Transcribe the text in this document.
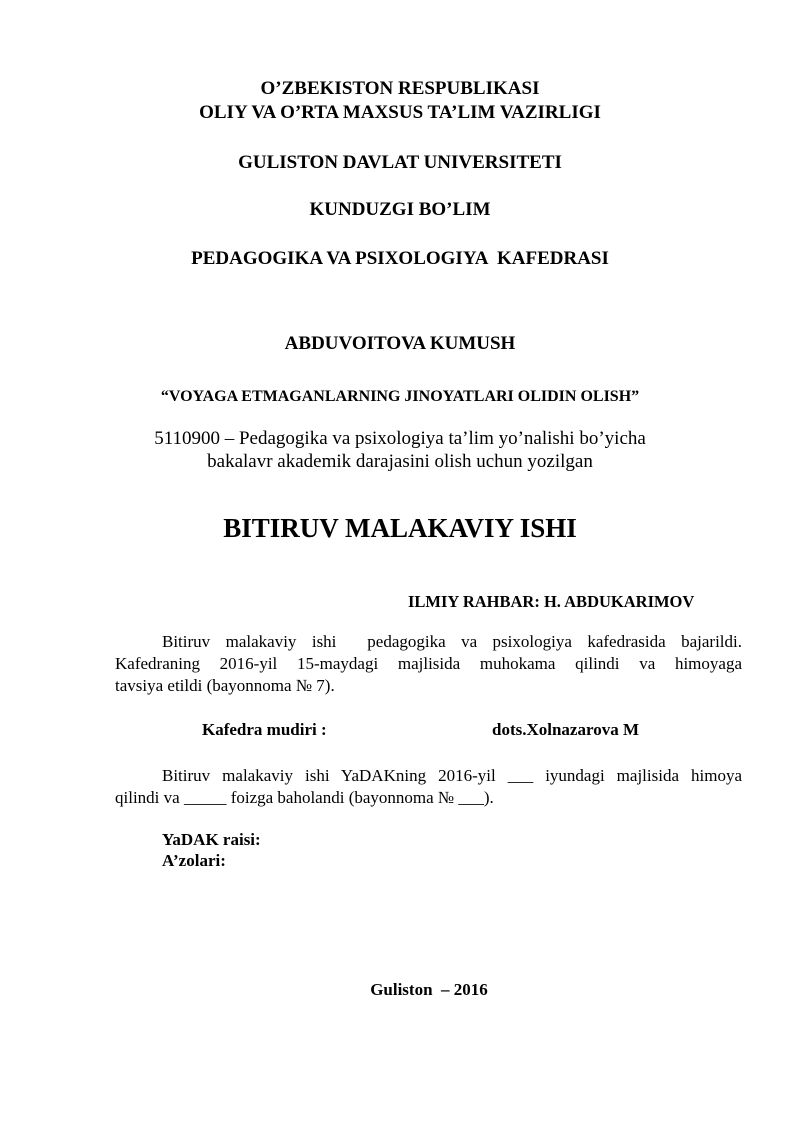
O’ZBEKISTON RESPUBLIKASI
OLIY VA O’RTA MAXSUS TA’LIM VAZIRLIGI
GULISTON DAVLAT UNIVERSITETI
KUNDUZGI BO’LIM
PEDAGOGIKA VA PSIXOLOGIYA  KAFEDRASI
ABDUVOITOVA KUMUSH
“VOYAGA ETMAGANLARNING JINOYATLARI OLIDIN OLISH”
5110900 – Pedagogika va psixologiya ta’lim yo’nalishi bo’yicha
bakalavr akademik darajasini olish uchun yozilgan
BITIRUV MALAKAVIY ISHI
ILMIY RAHBAR: H. ABDUKARIMOV
Bitiruv malakaviy ishi  pedagogika va psixologiya kafedrasida bajarildi.
Kafedraning 2016-yil 15-maydagi majlisida muhokama qilindi va himoyaga
tavsiya etildi (bayonnoma № 7).
Kafedra mudiri :	dots.Xolnazarova M
Bitiruv malakaviy ishi YaDAKning 2016-yil ___ iyundagi majlisida himoya
qilindi va _____ foizga baholandi (bayonnoma № ___).
YaDAK raisi:
A’zolari:
Guliston  – 2016
